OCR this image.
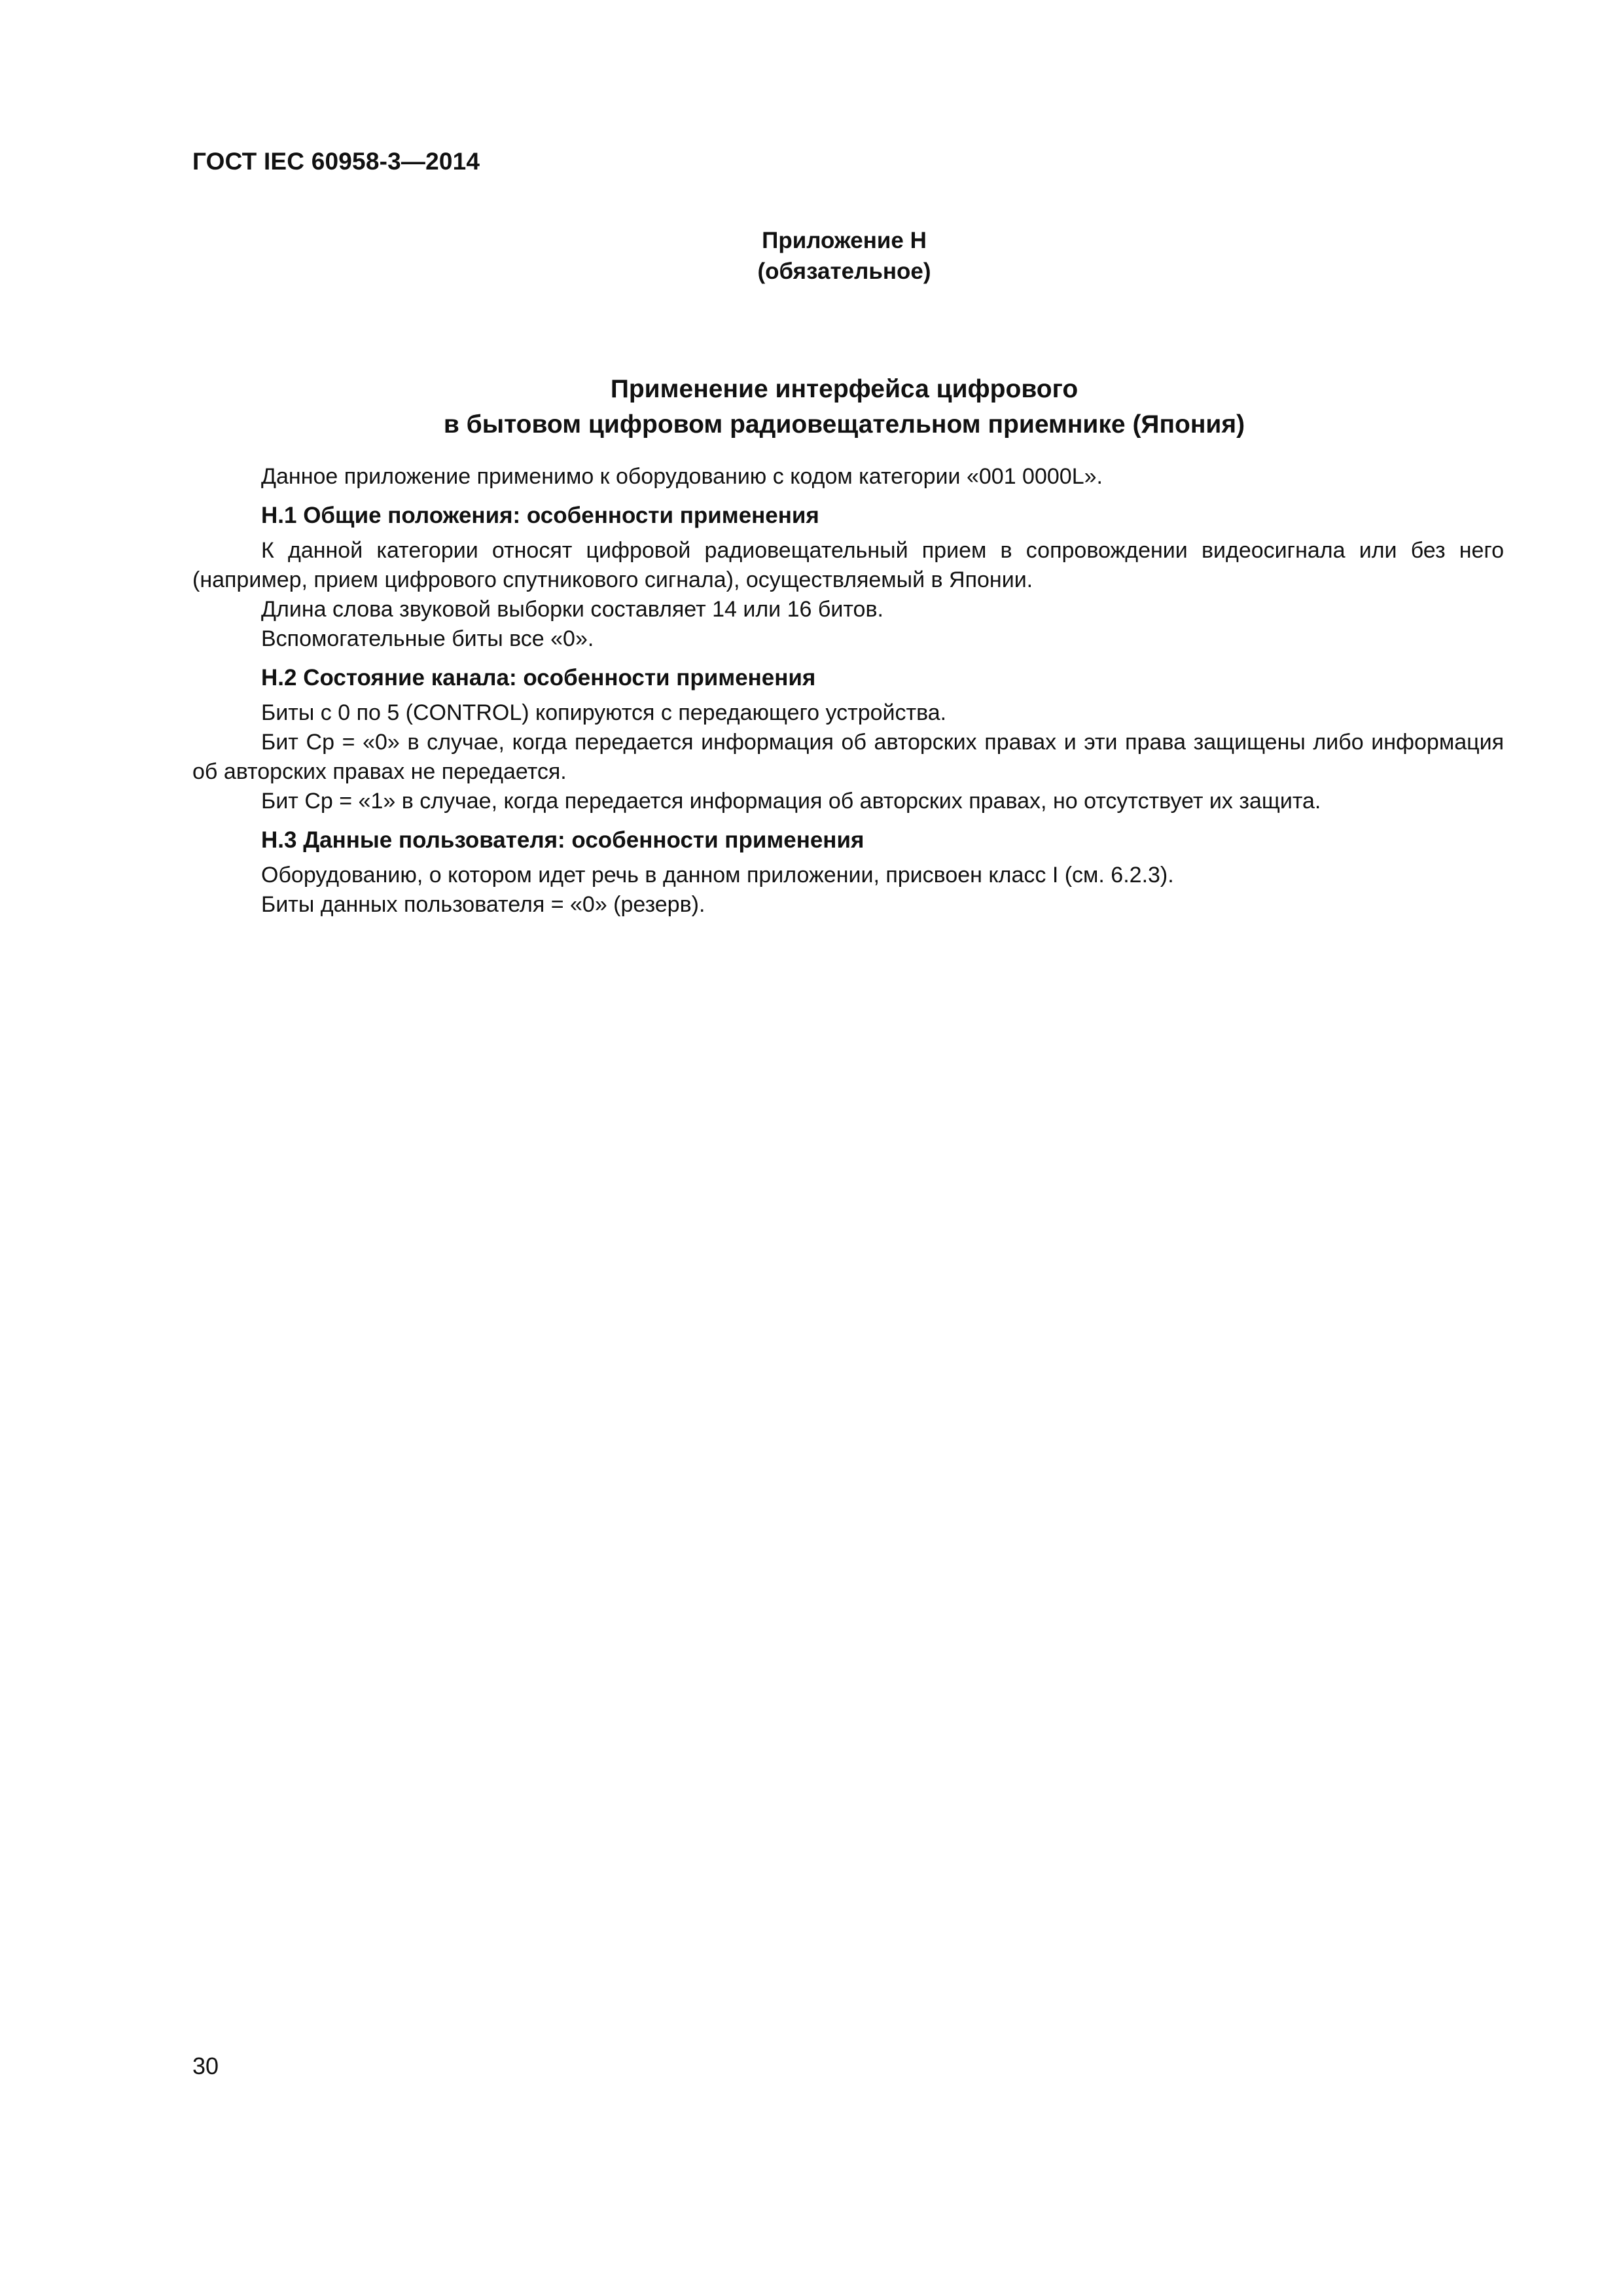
ГОСТ IEC 60958-3—2014
Приложение Н
(обязательное)
Применение интерфейса цифрового
в бытовом цифровом радиовещательном приемнике (Япония)

Данное приложение применимо к оборудованию с кодом категории «001 0000L».

H.1 Общие положения: особенности применения

К данной категории относят цифровой радиовещательный прием в сопровождении видеосигнала или без него (например, прием цифрового спутникового сигнала), осуществляемый в Японии.

Длина слова звуковой выборки составляет 14 или 16 битов.

Вспомогательные биты все «0».

H.2 Состояние канала: особенности применения

Биты с 0 по 5 (CONTROL) копируются с передающего устройства.

Бит Cp = «0» в случае, когда передается информация об авторских правах и эти права защищены либо информация об авторских правах не передается.

Бит Cp = «1» в случае, когда передается информация об авторских правах, но отсутствует их защита.

H.3 Данные пользователя: особенности применения

Оборудованию, о котором идет речь в данном приложении, присвоен класс I (см. 6.2.3).

Биты данных пользователя = «0» (резерв).

30
